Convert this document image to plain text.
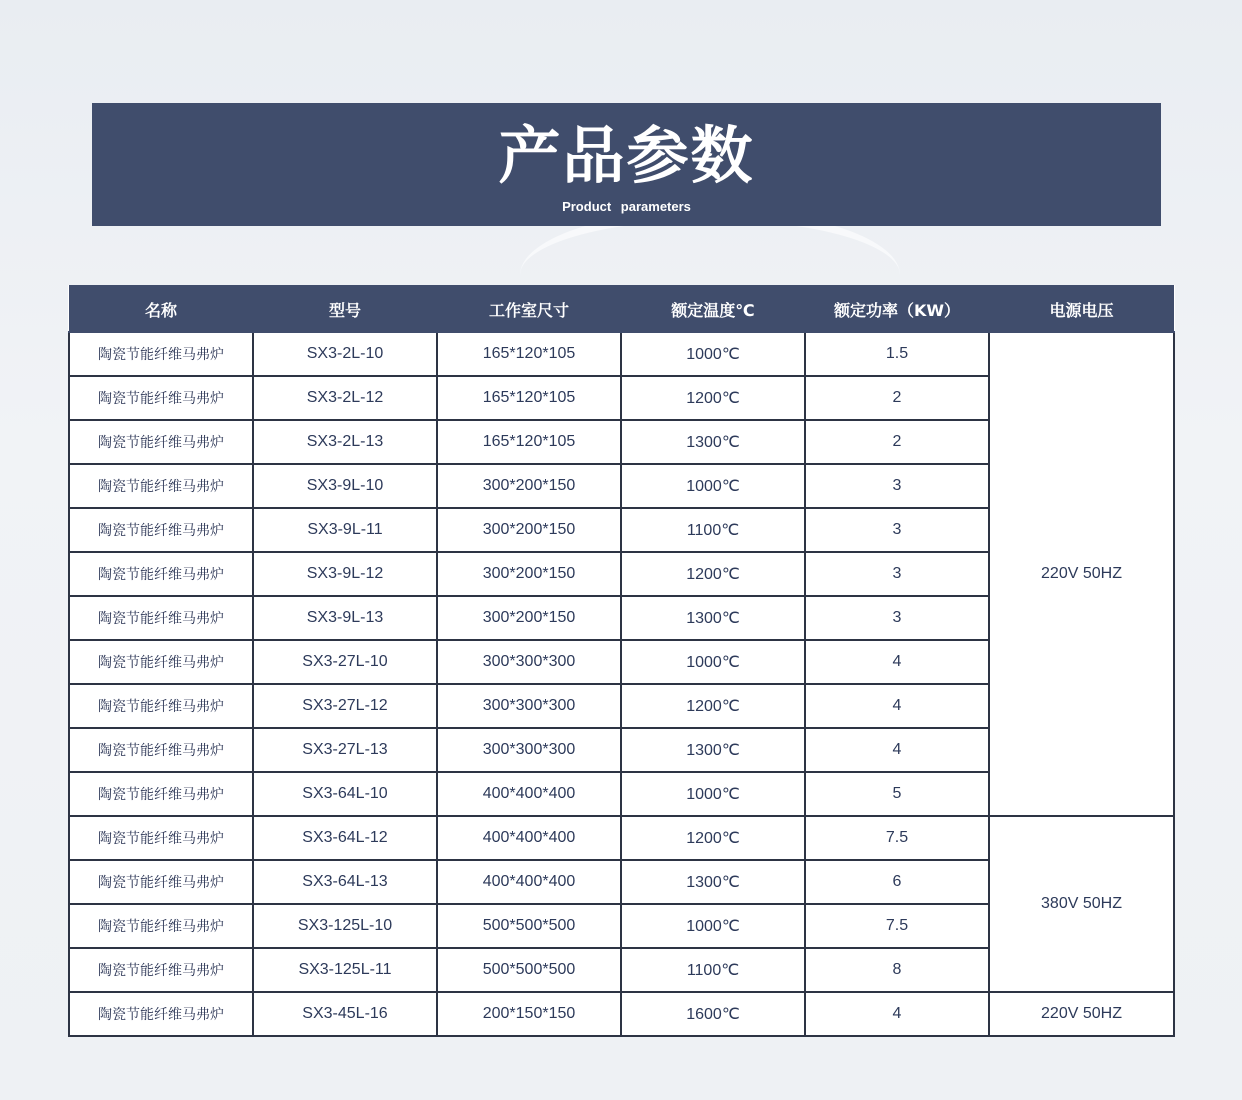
产品参数
Product parameters
名称	型号	工作室尺寸	额定温度℃	额定功率（KW）	电源电压
陶瓷节能纤维马弗炉	SX3-2L-10	165*120*105	1000℃	1.5	220V 50HZ
陶瓷节能纤维马弗炉	SX3-2L-12	165*120*105	1200℃	2	
陶瓷节能纤维马弗炉	SX3-2L-13	165*120*105	1300℃	2	
陶瓷节能纤维马弗炉	SX3-9L-10	300*200*150	1000℃	3	
陶瓷节能纤维马弗炉	SX3-9L-11	300*200*150	1100℃	3	
陶瓷节能纤维马弗炉	SX3-9L-12	300*200*150	1200℃	3	
陶瓷节能纤维马弗炉	SX3-9L-13	300*200*150	1300℃	3	
陶瓷节能纤维马弗炉	SX3-27L-10	300*300*300	1000℃	4	
陶瓷节能纤维马弗炉	SX3-27L-12	300*300*300	1200℃	4	
陶瓷节能纤维马弗炉	SX3-27L-13	300*300*300	1300℃	4	
陶瓷节能纤维马弗炉	SX3-64L-10	400*400*400	1000℃	5	
陶瓷节能纤维马弗炉	SX3-64L-12	400*400*400	1200℃	7.5	380V 50HZ
陶瓷节能纤维马弗炉	SX3-64L-13	400*400*400	1300℃	6	
陶瓷节能纤维马弗炉	SX3-125L-10	500*500*500	1000℃	7.5	
陶瓷节能纤维马弗炉	SX3-125L-11	500*500*500	1100℃	8	
陶瓷节能纤维马弗炉	SX3-45L-16	200*150*150	1600℃	4	220V 50HZ
